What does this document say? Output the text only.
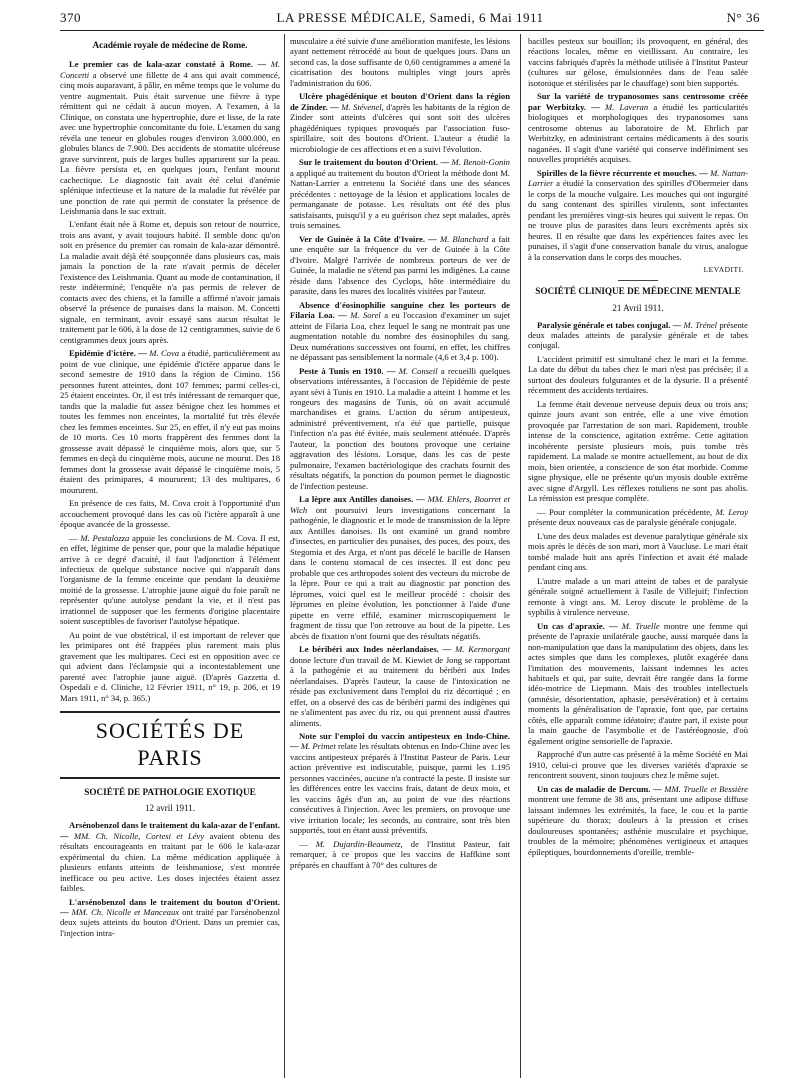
370	LA PRESSE MÉDICALE, Samedi, 6 Mai 1911	N° 36
Académie royale de médecine de Rome.

Le premier cas de kala-azar constaté à Rome. — M. Concetti a observé une fillette de 4 ans qui avait commencé, cinq mois auparavant, à pâlir, en même temps que le volume du ventre augmentait. Puis était survenue une fièvre à type rémittent qui ne cédait à aucun moyen. A l'examen, à la Clinique, on constata une hypertrophie, dure et lisse, de la rate avec une hypertrophie concomitante du foie. L'examen du sang révéla une teneur en globules rouges d'environ 3.000.000, en globules blancs de 7.900. Des accidents de stomatite ulcéreuse grave survinrent, puis de larges bulles apparurent sur la peau. La fièvre persista et, en quelques jours, l'enfant mourut cachectique. Le diagnostic fait avait été celui d'anémie splénique infectieuse et la nature de la maladie fut révélée par une ponction de rate qui permit de constater la présence de Leishmania dans le suc extrait.

L'enfant était née à Rome et, depuis son retour de nourrice, trois ans avant, y avait toujours habité. Il semble donc qu'on soit en présence du premier cas romain de kala-azar démontré. La maladie avait déjà été soupçonnée dans plusieurs cas, mais jamais la ponction de la rate n'avait permis de déceler l'existence des Leishmania. Quant au mode de contamination, il reste indéterminé; l'enquête n'a pas permis de relever de contacts avec des chiens, et la famille a affirmé n'avoir jamais observé la présence de punaises dans la maison. M. Concetti signale, en terminant, avoir essayé sans aucun résultat le traitement par le 606, à la dose de 12 centigrammes, suivie de 6 centigrammes deux jours après.

Epidémie d'ictère. — M. Cova a étudié, particulièrement au point de vue clinique, une épidémie d'ictère apparue dans le second semestre de 1910 dans la région de Cimino. 156 personnes furent atteintes, dont 107 femmes; parmi celles-ci, 25 étaient enceintes. Or, il est très intéressant de remarquer que, tandis que la maladie fut assez bénigne chez les hommes et toutes les femmes non enceintes, la mortalité fut très élevée chez les femmes enceintes. Sur 25, en effet, il n'y eut pas moins de 10 morts. Ces 10 morts frappèrent des femmes dont la grossesse avait dépassé le cinquième mois, alors que, sur 5 femmes en deçà du cinquième mois, aucune ne mourut. Des 18 femmes dont la grossesse avait dépassé le cinquième mois, 5 étaient des primipares, 4 moururent; 13 des multipares, 6 moururent.

En présence de ces faits, M. Cova croit à l'opportunité d'un accouchement provoqué dans les cas où l'ictère apparaît à une époque avancée de la grossesse.

— M. Pestalozza appuie les conclusions de M. Cova. Il est, en effet, légitime de penser que, pour que la maladie hépatique arrive à ce degré d'acuité, il faut l'adjonction à l'élément infectieux de quelque substance nocive qui n'apparaît dans l'organisme de la femme enceinte que pendant la deuxième moitié de la grossesse. L'atrophie jaune aiguë du foie paraît ne représenter qu'une autolyse pendant la vie, et il n'est pas irrationnel de supposer que les ferments d'origine placentaire soient susceptibles de favoriser l'autolyse hépatique.

Au point de vue obstétrical, il est important de relever que les primipares ont été frappées plus rarement mais plus gravement que les multipares. Ceci est en opposition avec ce qui advient dans l'éclampsie qui a incontestablement une parenté avec l'atrophie jaune aiguë. (D'après Gazzetta d. Ospedali e d. Cliniche, 12 Février 1911, n° 19, p. 206, et 19 Mars 1911, n° 34, p. 365.)

SOCIÉTÉS DE PARIS
SOCIÉTÉ DE PATHOLOGIE EXOTIQUE
12 avril 1911.

Arsénobenzol dans le traitement du kala-azar de l'enfant. — MM. Ch. Nicolle, Cortesi et Lévy avaient obtenu des résultats encourageants en traitant par le 606 le kala-azar expérimental du chien. La même médication appliquée à plusieurs enfants atteints de leishmaniose, s'est montrée inefficace ou peu active. Les doses injectées étaient assez faibles.

L'arsénobenzol dans le traitement du bouton d'Orient. — MM. Ch. Nicolle et Manceaux ont traité par l'arsénobenzol deux sujets atteints du bouton d'Orient. Dans un premier cas, l'injection intra-

musculaire a été suivie d'une amélioration manifeste, les lésions ayant nettement rétrocédé au bout de quelques jours. Dans un second cas, la dose suffisante de 0,60 centigrammes a amené la cicatrisation des boutons multiples vingt jours après l'administration du 606.

Ulcère phagédénique et bouton d'Orient dans la région de Zinder. — M. Stévenel, d'après les habitants de la région de Zinder sont atteints d'ulcères qui sont soit des ulcères phagédéniques typiques provoqués par l'association fuso-spirillaire, soit des boutons d'Orient. L'auteur a étudié la microbiologie de ces affections et en a suivi l'évolution.

Sur le traitement du bouton d'Orient. — M. Benoit-Gonin a appliqué au traitement du bouton d'Orient la méthode dont M. Nattan-Larrier a entretenu la Société dans une des séances précédentes : nettoyage de la lésion et applications locales de permanganate de potasse. Les résultats ont été des plus satisfaisants, puisqu'il y a eu guérison chez sept malades, après trois semaines.

Ver de Guinée à la Côte d'Ivoire. — M. Blanchard a fait une enquête sur la fréquence du ver de Guinée à la Côte d'Ivoire. Malgré l'arrivée de nombreux porteurs de ver de Guinée, la maladie ne s'étend pas parmi les indigènes. La cause réside dans l'absence des Cyclops, hôte intermédiaire du parasite, dans les mares des localités visitées par l'auteur.

Absence d'éosinophilie sanguine chez les porteurs de Filaria Loa. — M. Sorel a eu l'occasion d'examiner un sujet atteint de Filaria Loa, chez lequel le sang ne montrait pas une augmentation notable du nombre des éosinophiles du sang. Deux numérations successives ont fourni, en effet, les chiffres ne dépassant pas sensiblement la normale (4,6 et 3,4 p. 100).

Peste à Tunis en 1910. — M. Conseil a recueilli quelques observations intéressantes, à l'occasion de l'épidémie de peste ayant sévi à Tunis en 1910. La maladie a atteint 1 homme et les rongeurs des magasins de Tunis, où on avait accumulé marchandises et grains. L'action du sérum antipesteux, administré préventivement, n'a été que partielle, puisque l'infection n'a pas été évitée, mais seulement atténuée. D'après l'auteur, la ponction des boutons provoque une certaine aggravation des lésions. Lorsque, dans les cas de peste pulmonaire, l'examen bactériologique des crachats fournit des résultats négatifs, la ponction du poumon permet le diagnostic de l'infection pesteuse.

La lèpre aux Antilles danoises. — MM. Ehlers, Bourret et Wich ont poursuivi leurs investigations concernant la pathogénie, le diagnostic et le mode de transmission de la lèpre aux Antilles danoises. Ils ont examiné un grand nombre d'insectes, en particulier des punaises, des puces, des poux, des Stegomia et des Arga, et n'ont pas décelé le bacille de Hansen dans le contenu stomacal de ces insectes. Il est donc peu probable que ces arthropodes soient des vecteurs du microbe de la lèpre. Pour ce qui a trait au diagnostic par ponction des lépromes, voici quel est le meilleur procédé : choisir des lépromes en pleine évolution, les ponctionner à l'aide d'une pipette en verre effilé, examiner microscopiquement le fragment de tissu que l'on retrouve au bout de la pipette. Les abcès de fixation n'ont fourni que des résultats négatifs.

Le béribéri aux Indes néerlandaises. — M. Kermorgant donne lecture d'un travail de M. Kiewiet de Jong se rapportant à la pathogénie et au traitement du béribéri aux Indes néerlandaises. D'après l'auteur, la cause de l'intoxication ne réside pas exclusivement dans l'emploi du riz décortiqué ; en effet, on a observé des cas de béribéri parmi des indigènes qui ne s'alimentent pas avec du riz, ou qui prennent aussi d'autres aliments.

Note sur l'emploi du vaccin antipesteux en Indo-Chine. — M. Primet relate les résultats obtenus en Indo-Chine avec les vaccins antipesteux préparés à l'Institut Pasteur de Paris. Leur action préventive est indiscutable, puisque, parmi les 1.195 personnes vaccinées, aucune n'a contracté la peste. Il insiste sur les différences entre les vaccins frais, datant de deux mois, et les vaccins âgés d'un an, au point de vue des réactions consécutives à l'injection. Avec les premiers, on provoque une vive irritation locale; les seconds, au contraire, sont très bien supportés, tout en étant aussi préventifs.

— M. Dujardin-Beaumetz, de l'Institut Pasteur, fait remarquer, à ce propos que les vaccins de Haffkine sont préparés en chauffant à 70° des cultures de

bacilles pesteux sur bouillon; ils provoquent, en général, des réactions locales, même en vieillissant. Au contraire, les vaccins fabriqués d'après la méthode utilisée à l'Institut Pasteur (cultures sur gélose, émulsionnées dans de l'eau salée isotonique et stérilisées par le chauffage) sont bien supportés.

Sur la variété de trypanosomes sans centrosome créée par Werbitzky. — M. Laveran a étudié les particularités biologiques et morphologiques des trypanosomes sans centrosome obtenus au laboratoire de M. Ehrlich par Werbitzky, en administrant certains médicaments à des souris naganées. Il s'agit d'une variété qui conserve indéfiniment ses nouvelles propriétés acquises.

Spirilles de la fièvre récurrente et mouches. — M. Nattan-Larrier a étudié la conservation des spirilles d'Obermeier dans le corps de la mouche vulgaire. Les mouches qui ont ingurgité du sang contenant des spirilles virulents, sont infectantes pendant les premières vingt-six heures qui suivent le repas. On ne trouve plus de parasites dans leurs excréments après six heures. Il en résulte que dans les expériences faites avec les punaises, il s'agit d'une conservation banale du virus, analogue à la conservation dans le corps des mouches.

LEVADITI.
SOCIÉTÉ CLINIQUE DE MÉDECINE MENTALE
21 Avril 1911.

Paralysie générale et tabes conjugal. — M. Trénel présente deux malades atteints de paralysie générale et de tabes conjugal.

L'accident primitif est simultané chez le mari et la femme. La date du début du tabes chez le mari n'est pas précisée; il a surtout des douleurs fulgurantes et de la dysurie. Il a présenté récemment des accidents tertiaires.

La femme était devenue nerveuse depuis deux ou trois ans; quinze jours avant son entrée, elle a une vive émotion provoquée par l'arrestation de son mari. Rapidement, trouble intense de la conscience, agitation extrême. Cette agitation incohérente persiste plusieurs mois, puis tombe très rapidement. La malade se montre actuellement, au bout de dix mois, bien orientée, a conscience de son état morbide. Comme signe physique, elle ne présente qu'un myosis double extrême avec signe d'Argyll. Les réflexes rotuliens ne sont pas abolis. La rémission est presque complète.

— Pour compléter la communication précédente, M. Leroy présente deux nouveaux cas de paralysie générale conjugale.

L'une des deux malades est devenue paralytique générale six mois après le décès de son mari, mort à Vaucluse. Le mari était tombé malade huit ans après l'infection et avait été malade pendant cinq ans.

L'autre malade a un mari atteint de tabes et de paralysie générale soigné actuellement à l'asile de Villejuif; l'infection remonte à vingt ans. M. Leroy discute le problème de la syphilis à virulence nerveuse.

Un cas d'apraxie. — M. Truelle montre une femme qui présente de l'apraxie unilatérale gauche, aussi marquée dans la non-manipulation que dans la manipulation des objets, dans les actes simples que dans les complexes, plutôt exagérée dans l'imitation des mouvements, laissant indemnes les actes habituels et qui, par suite, devrait être rangée dans la forme idéo-motrice de Liepmann. Mais des troubles intellectuels (amnésie, désorientation, aphasie, persévération) et à certains moments la généralisation de l'apraxie, font que, par certains côtés, elle apparaît comme idéatoire; d'autre part, il existe pour la main gauche de l'asymbolie et de l'astéréognosie, d'où également origine sensorielle de l'apraxie.

Rapproché d'un autre cas présenté à la même Société en Mai 1910, celui-ci prouve que les diverses variétés d'apraxie se rencontrent souvent, sinon toujours chez le même sujet.

Un cas de maladie de Dercum. — MM. Truelle et Bessière montrent une femme de 38 ans, présentant une adipose diffuse laissant indemnes les extrémités, la face, le cou et la partie supérieure du thorax; douleurs à la pression et crises douloureuses spontanées; asthénie musculaire et psychique, troubles de la mémoire; phénomènes vertigineux et attaques épileptiques, bourdonnements d'oreille, tremble-
